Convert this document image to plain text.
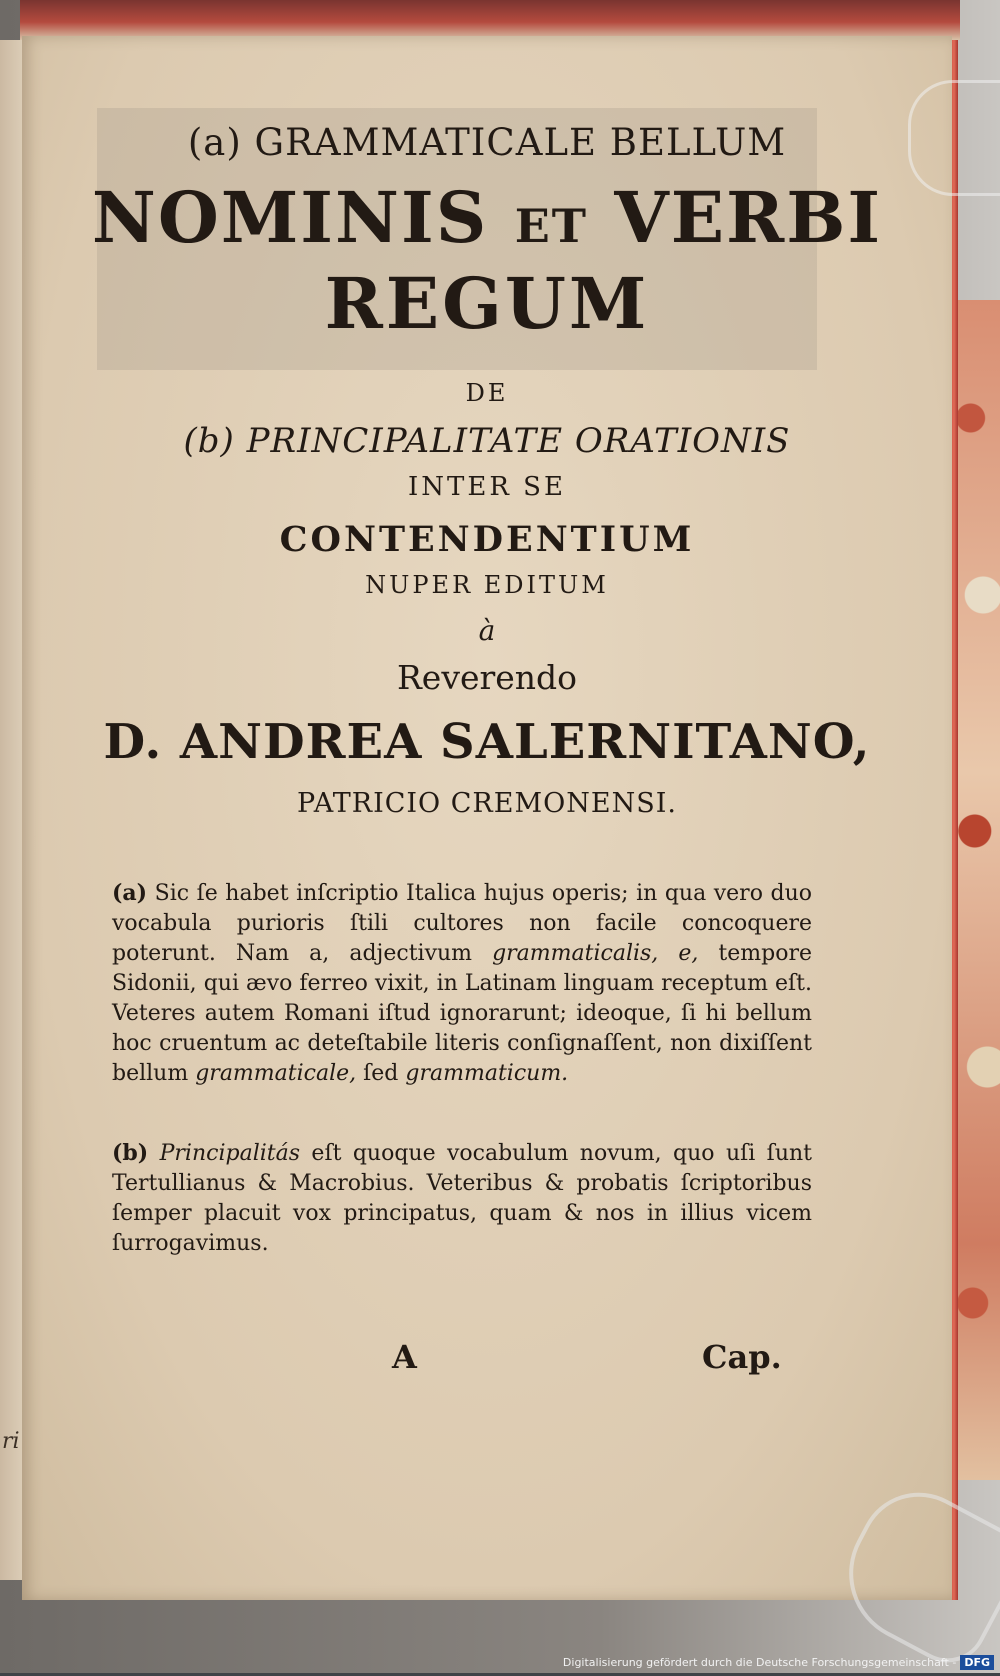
ri
(a) GRAMMATICALE BELLUM
NOMINIS ET VERBI
REGUM
DE
(b) PRINCIPALITATE ORATIONIS
INTER SE
CONTENDENTIUM
NUPER EDITUM
à
Reverendo
D. ANDREA SALERNITANO,
PATRICIO CREMONENSI.
(a) Sic ſe habet inſcriptio Italica hujus operis; in qua vero duo vocabula purioris ſtili cultores non facile concoquere poterunt. Nam a, adjectivum grammaticalis, e, tempore Sidonii, qui ævo ferreo vixit, in Latinam linguam receptum eſt. Veteres autem Romani iſtud ignorarunt; ideoque, ſi hi bellum hoc cruentum ac deteſtabile literis conſignaſſent, non dixiſſent bellum grammaticale, ſed grammaticum.
(b) Principalitás eſt quoque vocabulum novum, quo uſi ſunt Tertullianus & Macrobius. Veteribus & probatis ſcriptoribus ſemper placuit vox principatus, quam & nos in illius vicem ſurrogavimus.
A	Cap.
Digitalisierung gefördert durch die Deutsche Forschungsgemeinschaft - DFG
